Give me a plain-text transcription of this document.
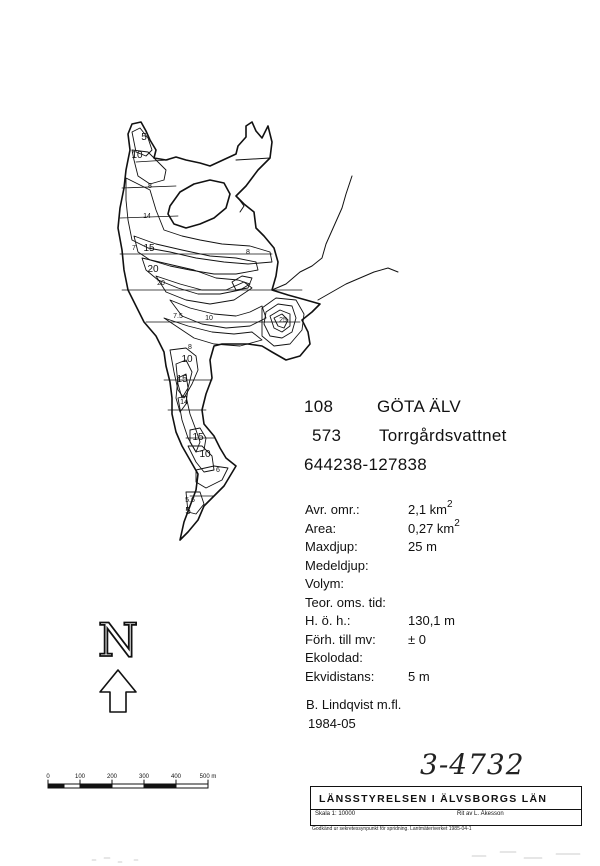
5
10
8
14
7 15
20
20
8
7.5	10
8
10
15
14
15
10
6
5.6
5
25
0	100	200	300	400	500 m
N
108	GÖTA ÄLV
573 Torrgårdsvattnet
644238-127838
Avr. omr.:	2,1 $km^2$
Area:	0,27 $km^2$
Maxdjup:	25 m
Medeldjup:
Volym:
Teor. oms. tid:
H. ö. h.:	130,1 m
Förh. till mv: ± 0
Ekolodad:
Ekvidistans:	5 m
B. Lindqvist m.fl.
1984-05
3-4732
LÄNSSTYRELSEN I ÄLVSBORGS LÄN
Skala 1: 10000	Rit av L. Åkesson
Godkänd ur sekretessynpunkt för spridning. Lantmäteriverket 1985-04-1
